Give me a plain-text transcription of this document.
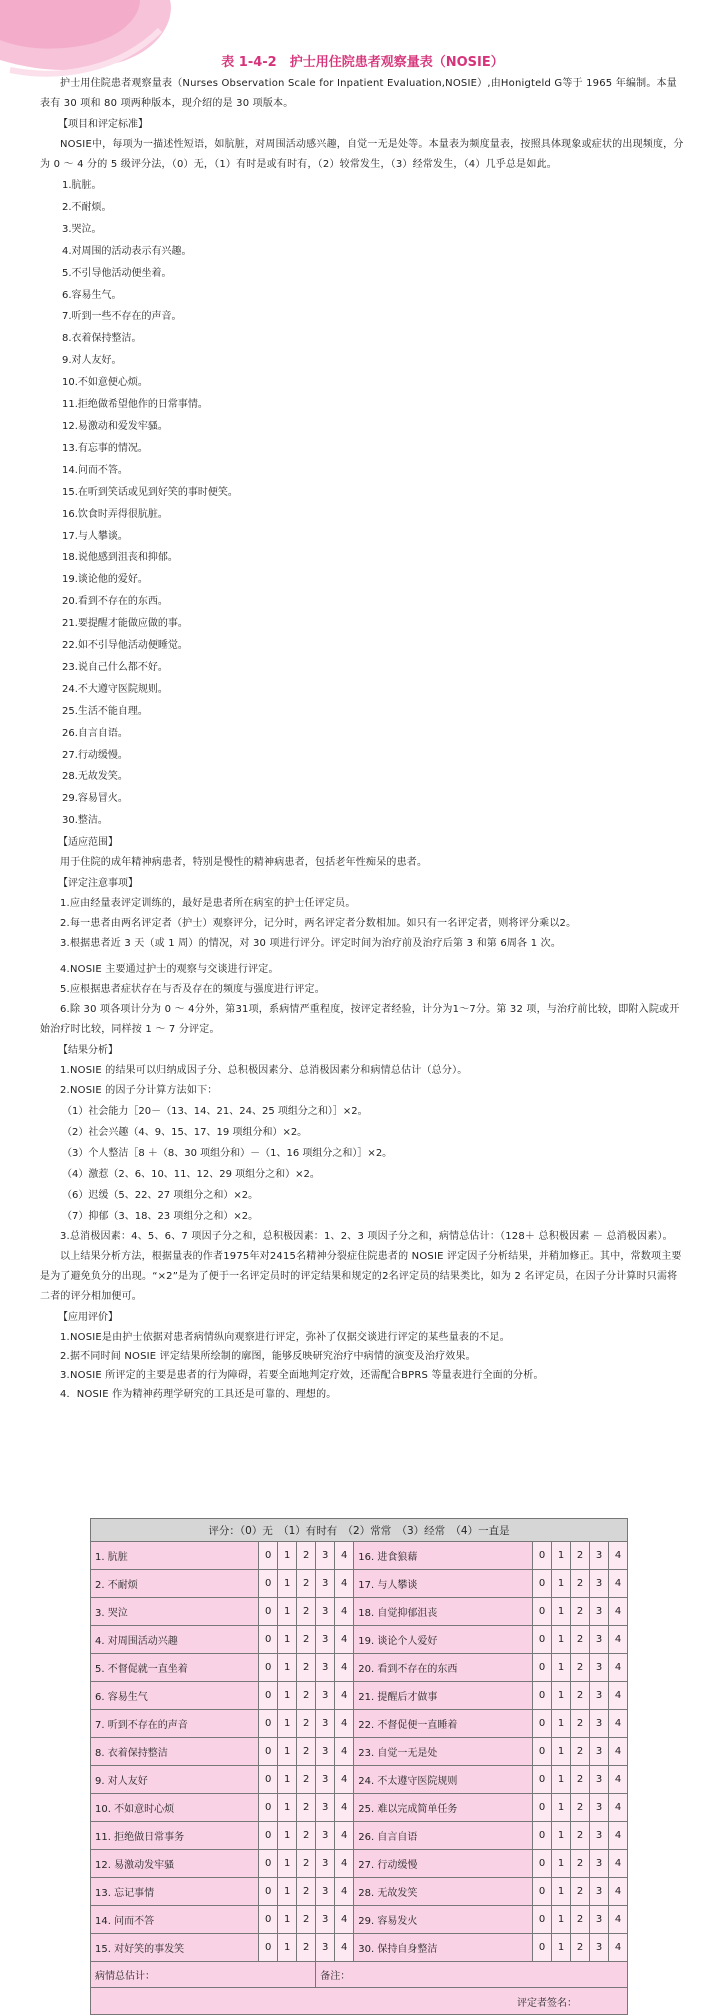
表 1-4-2　护士用住院患者观察量表（NOSIE）

护士用住院患者观察量表（Nurses Observation Scale for Inpatient Evaluation,NOSIE）,由Honigteld G等于 1965 年编制。本量表有 30 项和 80 项两种版本，现介绍的是 30 项版本。

【项目和评定标准】

NOSIE中，每项为一描述性短语，如肮脏，对周围活动感兴趣，自觉一无是处等。本量表为频度量表，按照具体现象或症状的出现频度，分为 0 ～ 4 分的 5 级评分法，（0）无，（1）有时是或有时有，（2）较常发生，（3）经常发生，（4）几乎总是如此。

1.肮脏。
2.不耐烦。
3.哭泣。
4.对周围的活动表示有兴趣。
5.不引导他活动便坐着。
6.容易生气。
7.听到一些不存在的声音。
8.衣着保持整洁。
9.对人友好。
10.不如意便心烦。
11.拒绝做希望他作的日常事情。
12.易激动和爱发牢骚。
13.有忘事的情况。
14.问而不答。
15.在听到笑话或见到好笑的事时便笑。
16.饮食时弄得很肮脏。
17.与人攀谈。
18.说他感到沮丧和抑郁。
19.谈论他的爱好。
20.看到不存在的东西。
21.要提醒才能做应做的事。
22.如不引导他活动便睡觉。
23.说自己什么都不好。
24.不大遵守医院规则。
25.生活不能自理。
26.自言自语。
27.行动缓慢。
28.无故发笑。
29.容易冒火。
30.整洁。
【适应范围】

用于住院的成年精神病患者，特别是慢性的精神病患者，包括老年性痴呆的患者。

【评定注意事项】

1.应由经量表评定训练的，最好是患者所在病室的护士任评定员。

2.每一患者由两名评定者（护士）观察评分，记分时，两名评定者分数相加。如只有一名评定者，则将评分乘以2。

3.根据患者近 3 天（或 1 周）的情况，对 30 项进行评分。评定时间为治疗前及治疗后第 3 和第 6周各 1 次。

4.NOSIE 主要通过护士的观察与交谈进行评定。

5.应根据患者症状存在与否及存在的频度与强度进行评定。

6.除 30 项各项计分为 0 ～ 4分外，第31项，系病情严重程度，按评定者经验，计分为1～7分。第 32 项，与治疗前比较，即附入院或开始治疗时比较，同样按 1 ～ 7 分评定。

【结果分析】

1.NOSIE 的结果可以归纳成因子分、总积极因素分、总消极因素分和病情总估计（总分）。

2.NOSIE 的因子分计算方法如下：

（1）社会能力［20－（13、14、21、24、25 项组分之和）］×2。
（2）社会兴趣（4、9、15、17、19 项组分和）×2。
（3）个人整洁［8 ＋（8、30 项组分和）－（1、16 项组分之和）］×2。
（4）激惹（2、6、10、11、12、29 项组分之和）×2。
（6）迟缓（5、22、27 项组分之和）×2。
（7）抑郁（3、18、23 项组分之和）×2。

3.总消极因素：4、5、6、7 项因子分之和，总积极因素：1、2、3 项因子分之和，病情总估计：（128＋ 总积极因素 － 总消极因素）。

以上结果分析方法，根据量表的作者1975年对2415名精神分裂症住院患者的 NOSIE 评定因子分析结果，并稍加修正。其中，常数项主要是为了避免负分的出现。“×2”是为了便于一名评定员时的评定结果和规定的2名评定员的结果类比，如为 2 名评定员，在因子分计算时只需将二者的评分相加便可。

【应用评价】

1.NOSIE是由护士依据对患者病情纵向观察进行评定，弥补了仅据交谈进行评定的某些量表的不足。

2.据不同时间 NOSIE 评定结果所绘制的廓图，能够反映研究治疗中病情的演变及治疗效果。

3.NOSIE 所评定的主要是患者的行为障碍，若要全面地判定疗效，还需配合BPRS 等量表进行全面的分析。

4．NOSIE 作为精神药理学研究的工具还是可靠的、理想的。

评分：（0）无　（1）有时有　（2）常常　（3）经常　（4）一直是											
1. 肮脏	0	1	2	3	4	16. 进食狼藉	0	1	2	3	4
2. 不耐烦	0	1	2	3	4	17. 与人攀谈	0	1	2	3	4
3. 哭泣	0	1	2	3	4	18. 自觉抑郁沮丧	0	1	2	3	4
4. 对周围活动兴趣	0	1	2	3	4	19. 谈论个人爱好	0	1	2	3	4
5. 不督促就一直坐着	0	1	2	3	4	20. 看到不存在的东西	0	1	2	3	4
6. 容易生气	0	1	2	3	4	21. 提醒后才做事	0	1	2	3	4
7. 听到不存在的声音	0	1	2	3	4	22. 不督促便一直睡着	0	1	2	3	4
8. 衣着保持整洁	0	1	2	3	4	23. 自觉一无是处	0	1	2	3	4
9. 对人友好	0	1	2	3	4	24. 不太遵守医院规则	0	1	2	3	4
10. 不如意时心烦	0	1	2	3	4	25. 难以完成简单任务	0	1	2	3	4
11. 拒绝做日常事务	0	1	2	3	4	26. 自言自语	0	1	2	3	4
12. 易激动发牢骚	0	1	2	3	4	27. 行动缓慢	0	1	2	3	4
13. 忘记事情	0	1	2	3	4	28. 无故发笑	0	1	2	3	4
14. 问而不答	0	1	2	3	4	29. 容易发火	0	1	2	3	4
15. 对好笑的事发笑	0	1	2	3	4	30. 保持自身整洁	0	1	2	3	4
病情总估计：				备注：							
评定者签名：											
